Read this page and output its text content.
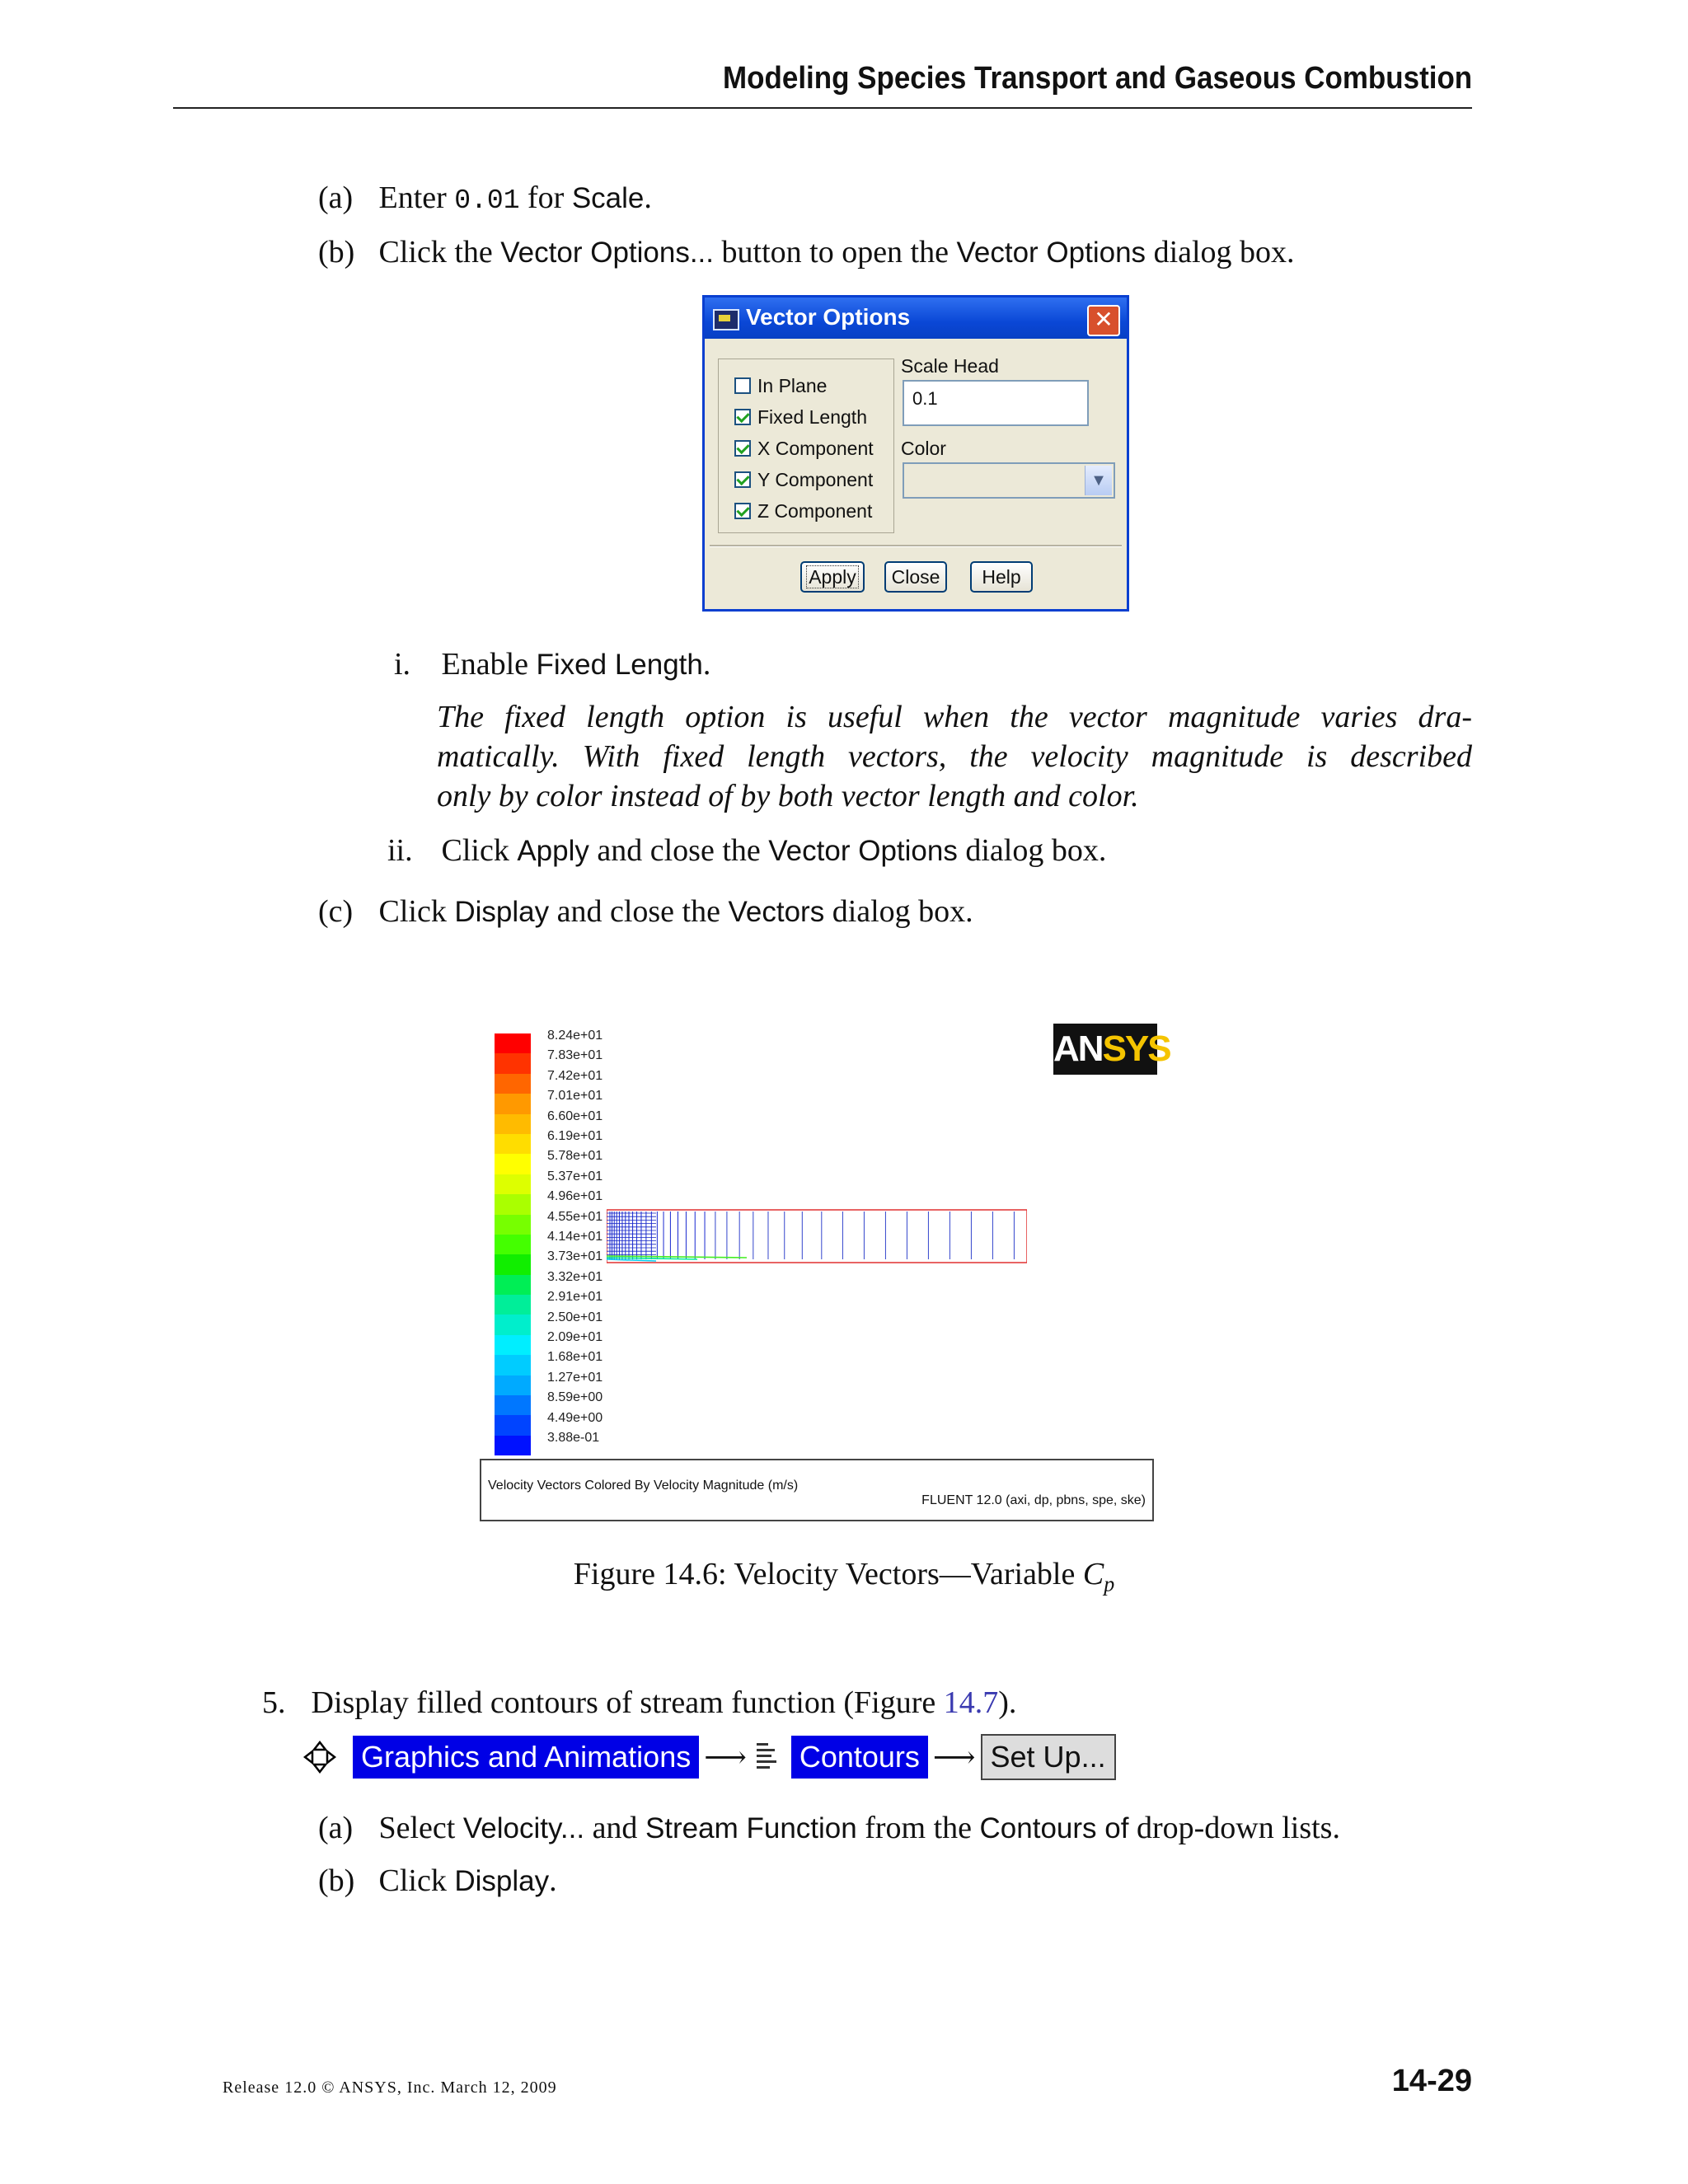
Modeling Species Transport and Gaseous Combustion
(a) Enter 0.01 for Scale.
(b) Click the Vector Options... button to open the Vector Options dialog box.
Vector Options	✕
In Plane
Fixed Length
X Component
Y Component
Z Component
Scale Head
0.1
Color
▼
Apply	Close	Help
i. Enable Fixed Length.
The fixed length option is useful when the vector magnitude varies dra-
matically. With fixed length vectors, the velocity magnitude is described
only by color instead of by both vector length and color.
ii. Click Apply and close the Vector Options dialog box.
(c) Click Display and close the Vectors dialog box.
8.24e+01
7.83e+01
7.42e+01
7.01e+01
6.60e+01
6.19e+01
5.78e+01
5.37e+01
4.96e+01
4.55e+01
4.14e+01
3.73e+01
3.32e+01
2.91e+01
2.50e+01
2.09e+01
1.68e+01
1.27e+01
8.59e+00
4.49e+00
3.88e-01
ANSYS
Velocity Vectors Colored By Velocity Magnitude (m/s)
FLUENT 12.0 (axi, dp, pbns, spe, ske)
Figure 14.6: Velocity Vectors—Variable $C_p$
5. Display filled contours of stream function (Figure 14.7).
Graphics and Animations ⟶ Contours ⟶ Set Up...
(a) Select Velocity... and Stream Function from the Contours of drop-down lists.
(b) Click Display.
Release 12.0 © ANSYS, Inc. March 12, 2009	14-29
